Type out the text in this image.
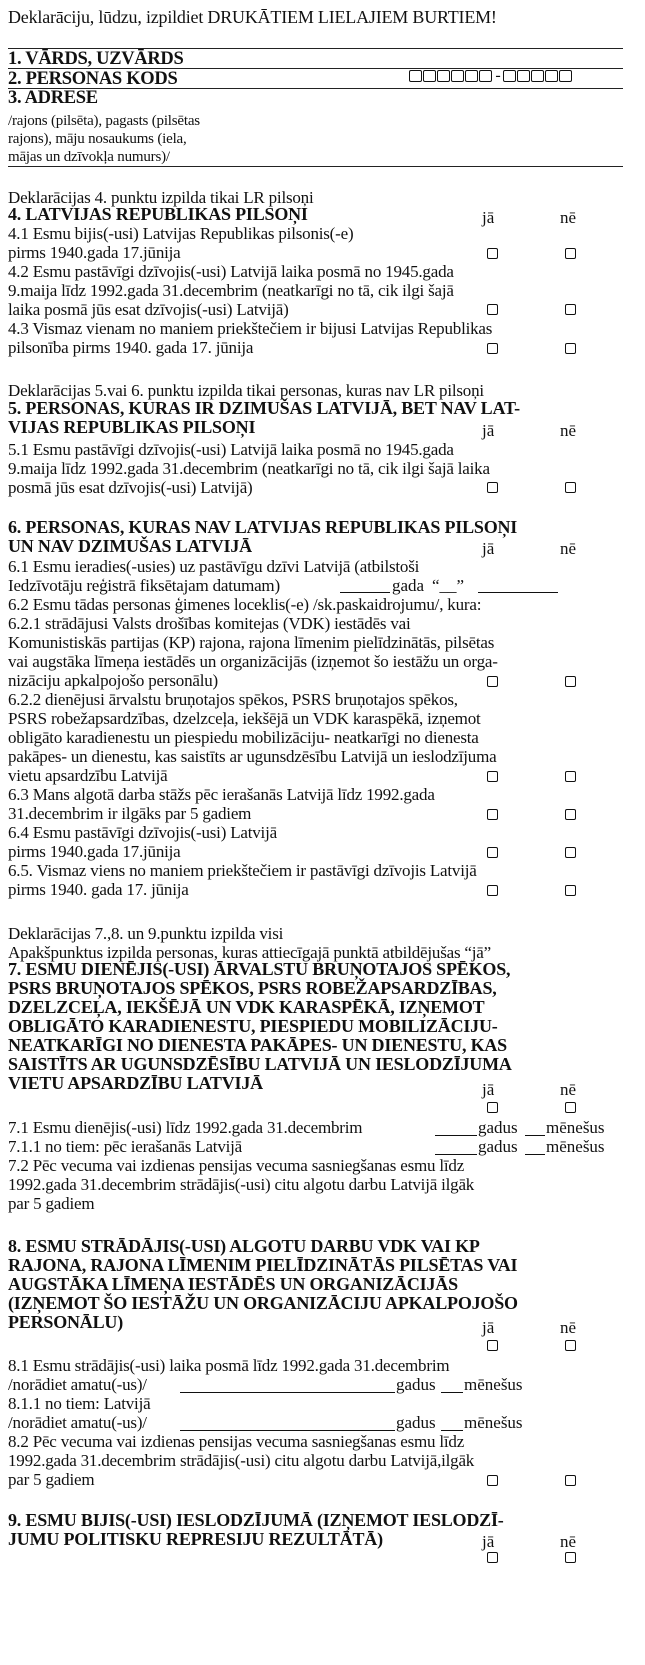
Deklarāciju, lūdzu, izpildiet DRUKĀTIEM LIELAJIEM BURTIEM!
1. VĀRDS, UZVĀRDS
2. PERSONAS KODS	-
3. ADRESE
/rajons (pilsēta), pagasts (pilsētas
rajons), māju nosaukums (iela,
mājas un dzīvokļa numurs)/
Deklarācijas 4. punktu izpilda tikai LR pilsoņi
4. LATVIJAS REPUBLIKAS PILSOŅI	jā	nē
4.1 Esmu bijis(-usi) Latvijas Republikas pilsonis(-e)
pirms 1940.gada 17.jūnija
4.2 Esmu pastāvīgi dzīvojis(-usi) Latvijā laika posmā no 1945.gada
9.maija līdz 1992.gada 31.decembrim (neatkarīgi no tā, cik ilgi šajā
laika posmā jūs esat dzīvojis(-usi) Latvijā)
4.3 Vismaz vienam no maniem priekštečiem ir bijusi Latvijas Republikas
pilsonība pirms 1940. gada 17. jūnija
Deklarācijas 5.vai 6. punktu izpilda tikai personas, kuras nav LR pilsoņi
5. PERSONAS, KURAS IR DZIMUŠAS LATVIJĀ, BET NAV LAT-
VIJAS REPUBLIKAS PILSOŅI	jā	nē
5.1 Esmu pastāvīgi dzīvojis(-usi) Latvijā laika posmā no 1945.gada
9.maija līdz 1992.gada 31.decembrim (neatkarīgi no tā, cik ilgi šajā laika
posmā jūs esat dzīvojis(-usi) Latvijā)
6. PERSONAS, KURAS NAV LATVIJAS REPUBLIKAS PILSOŅI
UN NAV DZIMUŠAS LATVIJĀ	jā	nē
6.1 Esmu ieradies(-usies) uz pastāvīgu dzīvi Latvijā (atbilstoši
Iedzīvotāju reģistrā fiksētajam datumam)	gada “__”
6.2 Esmu tādas personas ģimenes loceklis(-e) /sk.paskaidrojumu/, kura:
6.2.1 strādājusi Valsts drošības komitejas (VDK) iestādēs vai
Komunistiskās partijas (KP) rajona, rajona līmenim pielīdzinātās, pilsētas
vai augstāka līmeņa iestādēs un organizācijās (izņemot šo iestāžu un orga-
nizāciju apkalpojošo personālu)
6.2.2 dienējusi ārvalstu bruņotajos spēkos, PSRS bruņotajos spēkos,
PSRS robežapsardzības, dzelzceļa, iekšējā un VDK karaspēkā, izņemot
obligāto karadienestu un piespiedu mobilizāciju- neatkarīgi no dienesta
pakāpes- un dienestu, kas saistīts ar ugunsdzēsību Latvijā un ieslodzījuma
vietu apsardzību Latvijā
6.3 Mans algotā darba stāžs pēc ierašanās Latvijā līdz 1992.gada
31.decembrim ir ilgāks par 5 gadiem
6.4 Esmu pastāvīgi dzīvojis(-usi) Latvijā
pirms 1940.gada 17.jūnija
6.5. Vismaz viens no maniem priekštečiem ir pastāvīgi dzīvojis Latvijā
pirms 1940. gada 17. jūnija
Deklarācijas 7.,8. un 9.punktu izpilda visi
Apakšpunktus izpilda personas, kuras attiecīgajā punktā atbildējušas “jā”
7. ESMU DIENĒJIS(-USI) ĀRVALSTU BRUŅOTAJOS SPĒKOS,
PSRS BRUŅOTAJOS SPĒKOS, PSRS ROBEŽAPSARDZĪBAS,
DZELZCEĻA, IEKŠĒJĀ UN VDK KARASPĒKĀ, IZŅEMOT
OBLIGĀTO KARADIENESTU, PIESPIEDU MOBILIZĀCIJU-
NEATKARĪGI NO DIENESTA PAKĀPES- UN DIENESTU, KAS
SAISTĪTS AR UGUNSDZĒSĪBU LATVIJĀ UN IESLODZĪJUMA
VIETU APSARDZĪBU LATVIJĀ	jā	nē
7.1 Esmu dienējis(-usi) līdz 1992.gada 31.decembrim	gadus mēnešus
7.1.1 no tiem: pēc ierašanās Latvijā	gadus mēnešus
7.2 Pēc vecuma vai izdienas pensijas vecuma sasniegšanas esmu līdz
1992.gada 31.decembrim strādājis(-usi) citu algotu darbu Latvijā ilgāk
par 5 gadiem
8. ESMU STRĀDĀJIS(-USI) ALGOTU DARBU VDK VAI KP
RAJONA, RAJONA LĪMENIM PIELĪDZINĀTĀS PILSĒTAS VAI
AUGSTĀKA LĪMEŅA IESTĀDĒS UN ORGANIZĀCIJĀS
(IZŅEMOT ŠO IESTĀŽU UN ORGANIZĀCIJU APKALPOJOŠO
PERSONĀLU)	jā	nē
8.1 Esmu strādājis(-usi) laika posmā līdz 1992.gada 31.decembrim
/norādiet amatu(-us)/	gadus mēnešus
8.1.1 no tiem: Latvijā
/norādiet amatu(-us)/	gadus mēnešus
8.2 Pēc vecuma vai izdienas pensijas vecuma sasniegšanas esmu līdz
1992.gada 31.decembrim strādājis(-usi) citu algotu darbu Latvijā,ilgāk
par 5 gadiem
9. ESMU BIJIS(-USI) IESLODZĪJUMĀ (IZŅEMOT IESLODZĪ-
JUMU POLITISKU REPRESIJU REZULTĀTĀ)	jā	nē
